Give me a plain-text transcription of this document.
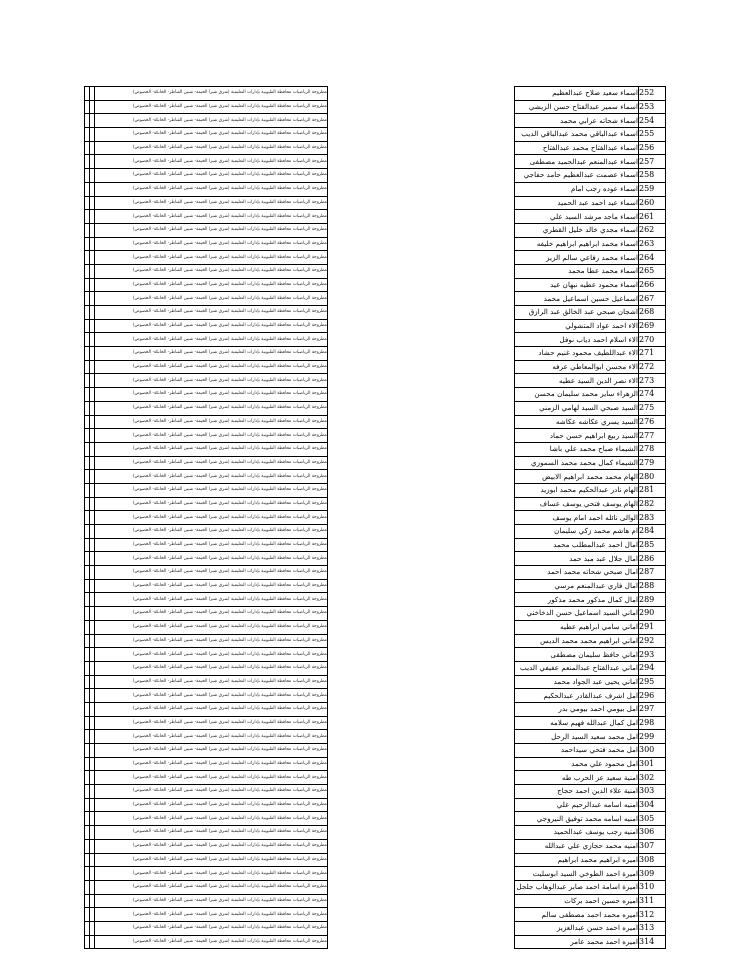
		مطروحة الرياضيات محافظة القليوبية بإدارات التعليمية (شرق شبرا الخيمة- شبين القناطر- الخانكة- الخصوص)		اسماء سعيد صلاح عبدالعظيم	252
		مطروحة الرياضيات محافظة القليوبية بإدارات التعليمية (شرق شبرا الخيمة- شبين القناطر- الخانكة- الخصوص)		اسماء سمير عبدالفتاح حسن الزيشي	253
		مطروحة الرياضيات محافظة القليوبية بإدارات التعليمية (شرق شبرا الخيمة- شبين القناطر- الخانكة- الخصوص)		اسماء شحاته عرابي محمد	254
		مطروحة الرياضيات محافظة القليوبية بإدارات التعليمية (شرق شبرا الخيمة- شبين القناطر- الخانكة- الخصوص)		اسماء عبدالباقي محمد عبدالباقي الديب	255
		مطروحة الرياضيات محافظة القليوبية بإدارات التعليمية (شرق شبرا الخيمة- شبين القناطر- الخانكة- الخصوص)		اسماء عبدالفتاح محمد عبدالفتاح	256
		مطروحة الرياضيات محافظة القليوبية بإدارات التعليمية (شرق شبرا الخيمة- شبين القناطر- الخانكة- الخصوص)		اسماء عبدالمنعم عبدالحميد مصطفى	257
		مطروحة الرياضيات محافظة القليوبية بإدارات التعليمية (شرق شبرا الخيمة- شبين القناطر- الخانكة- الخصوص)		اسماء عصمت عبدالعظيم حامد حفاجي	258
		مطروحة الرياضيات محافظة القليوبية بإدارات التعليمية (شرق شبرا الخيمة- شبين القناطر- الخانكة- الخصوص)		اسماء عوده رجب امام	259
		مطروحة الرياضيات محافظة القليوبية بإدارات التعليمية (شرق شبرا الخيمة- شبين القناطر- الخانكة- الخصوص)		اسماء عيد احمد عبد الحميد	260
		مطروحة الرياضيات محافظة القليوبية بإدارات التعليمية (شرق شبرا الخيمة- شبين القناطر- الخانكة- الخصوص)		اسماء ماجد مرشد السيد علي	261
		مطروحة الرياضيات محافظة القليوبية بإدارات التعليمية (شرق شبرا الخيمة- شبين القناطر- الخانكة- الخصوص)		اسماء مجدي خالد خليل القطري	262
		مطروحة الرياضيات محافظة القليوبية بإدارات التعليمية (شرق شبرا الخيمة- شبين القناطر- الخانكة- الخصوص)		اسماء محمد ابراهيم ابراهيم خليفه	263
		مطروحة الرياضيات محافظة القليوبية بإدارات التعليمية (شرق شبرا الخيمة- شبين القناطر- الخانكة- الخصوص)		اسماء محمد رفاعي سالم الزيز	264
		مطروحة الرياضيات محافظة القليوبية بإدارات التعليمية (شرق شبرا الخيمة- شبين القناطر- الخانكة- الخصوص)		اسماء محمد عطا محمد	265
		مطروحة الرياضيات محافظة القليوبية بإدارات التعليمية (شرق شبرا الخيمة- شبين القناطر- الخانكة- الخصوص)		اسماء محمود عطيه نبهان عيد	266
		مطروحة الرياضيات محافظة القليوبية بإدارات التعليمية (شرق شبرا الخيمة- شبين القناطر- الخانكة- الخصوص)		اسماعيل حسين اسماعيل محمد	267
		مطروحة الرياضيات محافظة القليوبية بإدارات التعليمية (شرق شبرا الخيمة- شبين القناطر- الخانكة- الخصوص)		اشجان صبحي عبد الخالق عبد الرازق	268
		مطروحة الرياضيات محافظة القليوبية بإدارات التعليمية (شرق شبرا الخيمة- شبين القناطر- الخانكة- الخصوص)		الاء احمد عواد المتشولي	269
		مطروحة الرياضيات محافظة القليوبية بإدارات التعليمية (شرق شبرا الخيمة- شبين القناطر- الخانكة- الخصوص)		الاء اسلام احمد دياب نوفل	270
		مطروحة الرياضيات محافظة القليوبية بإدارات التعليمية (شرق شبرا الخيمة- شبين القناطر- الخانكة- الخصوص)		الاء عبداللطيف محمود غنيم حشاد	271
		مطروحة الرياضيات محافظة القليوبية بإدارات التعليمية (شرق شبرا الخيمة- شبين القناطر- الخانكة- الخصوص)		الاء محسن ابوالمعاطي عرفه	272
		مطروحة الرياضيات محافظة القليوبية بإدارات التعليمية (شرق شبرا الخيمة- شبين القناطر- الخانكة- الخصوص)		الاء نصر الدين السيد عطيه	273
		مطروحة الرياضيات محافظة القليوبية بإدارات التعليمية (شرق شبرا الخيمة- شبين القناطر- الخانكة- الخصوص)		الزهراء ساير محمد سليمان محسن	274
		مطروحة الرياضيات محافظة القليوبية بإدارات التعليمية (شرق شبرا الخيمة- شبين القناطر- الخانكة- الخصوص)		السيد صبحي السيد لهامي الزمني	275
		مطروحة الرياضيات محافظة القليوبية بإدارات التعليمية (شرق شبرا الخيمة- شبين القناطر- الخانكة- الخصوص)		السيد يسري عكاشه عكاشه	276
		مطروحة الرياضيات محافظة القليوبية بإدارات التعليمية (شرق شبرا الخيمة- شبين القناطر- الخانكة- الخصوص)		السيد ربيع ابراهيم حسن حماد	277
		مطروحة الرياضيات محافظة القليوبية بإدارات التعليمية (شرق شبرا الخيمة- شبين القناطر- الخانكة- الخصوص)		الشيماء صباح محمد علي باشا	278
		مطروحة الرياضيات محافظة القليوبية بإدارات التعليمية (شرق شبرا الخيمة- شبين القناطر- الخانكة- الخصوص)		الشيماء كمال محمد محمد السموزي	279
		مطروحة الرياضيات محافظة القليوبية بإدارات التعليمية (شرق شبرا الخيمة- شبين القناطر- الخانكة- الخصوص)		الهام محمد محمد ابراهيم الابيض	280
		مطروحة الرياضيات محافظة القليوبية بإدارات التعليمية (شرق شبرا الخيمة- شبين القناطر- الخانكة- الخصوص)		الهام نادر عبدالحكيم محمد ابوزيد	281
		مطروحة الرياضيات محافظة القليوبية بإدارات التعليمية (شرق شبرا الخيمة- شبين القناطر- الخانكة- الخصوص)		الهام يوسف فتحي يوسف عساف	282
		مطروحة الرياضيات محافظة القليوبية بإدارات التعليمية (شرق شبرا الخيمة- شبين القناطر- الخانكة- الخصوص)		الوالى نائله احمد امام يوسف	283
		مطروحة الرياضيات محافظة القليوبية بإدارات التعليمية (شرق شبرا الخيمة- شبين القناطر- الخانكة- الخصوص)		ام هاشم محمد زكي سليمان	284
		مطروحة الرياضيات محافظة القليوبية بإدارات التعليمية (شرق شبرا الخيمة- شبين القناطر- الخانكة- الخصوص)		امال احمد عبدالمطلب محمد	285
		مطروحة الرياضيات محافظة القليوبية بإدارات التعليمية (شرق شبرا الخيمة- شبين القناطر- الخانكة- الخصوص)		امال جلال عبد مبد حمد	286
		مطروحة الرياضيات محافظة القليوبية بإدارات التعليمية (شرق شبرا الخيمة- شبين القناطر- الخانكة- الخصوص)		امال صبحي شحاته محمد احمد	287
		مطروحة الرياضيات محافظة القليوبية بإدارات التعليمية (شرق شبرا الخيمة- شبين القناطر- الخانكة- الخصوص)		امال فاري عبدالمنعم مرسي	288
		مطروحة الرياضيات محافظة القليوبية بإدارات التعليمية (شرق شبرا الخيمة- شبين القناطر- الخانكة- الخصوص)		امال كمال مذكور محمد مذكور	289
		مطروحة الرياضيات محافظة القليوبية بإدارات التعليمية (شرق شبرا الخيمة- شبين القناطر- الخانكة- الخصوص)		اماني السيد اسماعيل حسن الدخاخني	290
		مطروحة الرياضيات محافظة القليوبية بإدارات التعليمية (شرق شبرا الخيمة- شبين القناطر- الخانكة- الخصوص)		اماني سامي ابراهيم عطيه	291
		مطروحة الرياضيات محافظة القليوبية بإدارات التعليمية (شرق شبرا الخيمة- شبين القناطر- الخانكة- الخصوص)		اماني ابراهيم محمد محمد الديس	292
		مطروحة الرياضيات محافظة القليوبية بإدارات التعليمية (شرق شبرا الخيمة- شبين القناطر- الخانكة- الخصوص)		اماني حافظ سليمان مصطفى	293
		مطروحة الرياضيات محافظة القليوبية بإدارات التعليمية (شرق شبرا الخيمة- شبين القناطر- الخانكة- الخصوص)		اماني عبدالفتاح عبدالمنعم عفيفي الديب	294
		مطروحة الرياضيات محافظة القليوبية بإدارات التعليمية (شرق شبرا الخيمة- شبين القناطر- الخانكة- الخصوص)		اماني يحيى عبد الجواد محمد	295
		مطروحة الرياضيات محافظة القليوبية بإدارات التعليمية (شرق شبرا الخيمة- شبين القناطر- الخانكة- الخصوص)		امل اشرف عبدالقادر عبدالحكيم	296
		مطروحة الرياضيات محافظة القليوبية بإدارات التعليمية (شرق شبرا الخيمة- شبين القناطر- الخانكة- الخصوص)		امل بيومي احمد بيومي بدر	297
		مطروحة الرياضيات محافظة القليوبية بإدارات التعليمية (شرق شبرا الخيمة- شبين القناطر- الخانكة- الخصوص)		امل كمال عبدالله فهيم سلامه	298
		مطروحة الرياضيات محافظة القليوبية بإدارات التعليمية (شرق شبرا الخيمة- شبين القناطر- الخانكة- الخصوص)		امل محمد سعيد السيد الرحل	299
		مطروحة الرياضيات محافظة القليوبية بإدارات التعليمية (شرق شبرا الخيمة- شبين القناطر- الخانكة- الخصوص)		امل محمد فتحي سيداحمد	300
		مطروحة الرياضيات محافظة القليوبية بإدارات التعليمية (شرق شبرا الخيمة- شبين القناطر- الخانكة- الخصوص)		امل محمود علي محمد	301
		مطروحة الرياضيات محافظة القليوبية بإدارات التعليمية (شرق شبرا الخيمة- شبين القناطر- الخانكة- الخصوص)		امنية سعيد عز الحرب طه	302
		مطروحة الرياضيات محافظة القليوبية بإدارات التعليمية (شرق شبرا الخيمة- شبين القناطر- الخانكة- الخصوص)		امنية علاء الدين احمد حجاج	303
		مطروحة الرياضيات محافظة القليوبية بإدارات التعليمية (شرق شبرا الخيمة- شبين القناطر- الخانكة- الخصوص)		امنيه اسامه عبدالرحيم علي	304
		مطروحة الرياضيات محافظة القليوبية بإدارات التعليمية (شرق شبرا الخيمة- شبين القناطر- الخانكة- الخصوص)		امنيه اسامه محمد توفيق النيروجي	305
		مطروحة الرياضيات محافظة القليوبية بإدارات التعليمية (شرق شبرا الخيمة- شبين القناطر- الخانكة- الخصوص)		امنيه رجب يوسف عبدالحميد	306
		مطروحة الرياضيات محافظة القليوبية بإدارات التعليمية (شرق شبرا الخيمة- شبين القناطر- الخانكة- الخصوص)		امنيه محمد حجازي علي عبدالله	307
		مطروحة الرياضيات محافظة القليوبية بإدارات التعليمية (شرق شبرا الخيمة- شبين القناطر- الخانكة- الخصوص)		اميره ابراهيم محمد ابراهيم	308
		مطروحة الرياضيات محافظة القليوبية بإدارات التعليمية (شرق شبرا الخيمة- شبين القناطر- الخانكة- الخصوص)		اميرة احمد الطوخي السيد ابوسليت	309
		مطروحة الرياضيات محافظة القليوبية بإدارات التعليمية (شرق شبرا الخيمة- شبين القناطر- الخانكة- الخصوص)		اميرة اسامة احمد صابر عبدالوهاب جلجل	310
		مطروحة الرياضيات محافظة القليوبية بإدارات التعليمية (شرق شبرا الخيمة- شبين القناطر- الخانكة- الخصوص)		اميره حسين احمد بركات	311
		مطروحة الرياضيات محافظة القليوبية بإدارات التعليمية (شرق شبرا الخيمة- شبين القناطر- الخانكة- الخصوص)		اميره محمد احمد مصطفى سالم	312
		مطروحة الرياضيات محافظة القليوبية بإدارات التعليمية (شرق شبرا الخيمة- شبين القناطر- الخانكة- الخصوص)		اميره احمد حسن عبدالعزيز	313
		مطروحة الرياضيات محافظة القليوبية بإدارات التعليمية (شرق شبرا الخيمة- شبين القناطر- الخانكة- الخصوص)		اميره احمد محمد عامر	314
